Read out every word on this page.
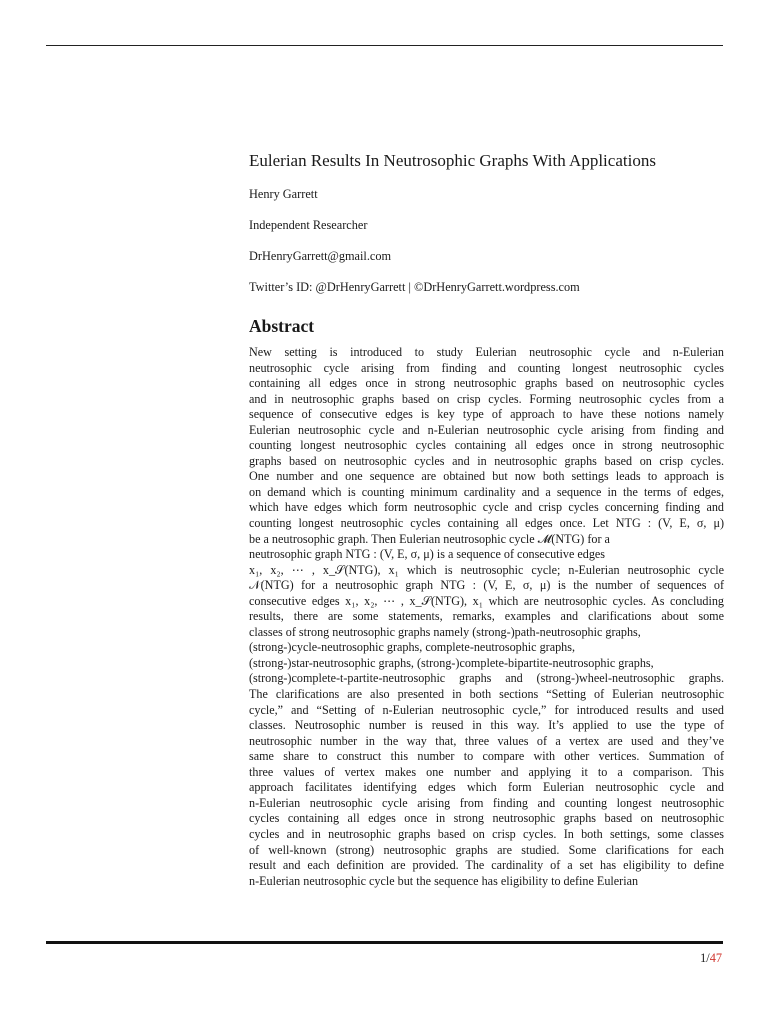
Eulerian Results In Neutrosophic Graphs With Applications
Henry Garrett
Independent Researcher
DrHenryGarrett@gmail.com
Twitter’s ID: @DrHenryGarrett | ©DrHenryGarrett.wordpress.com
Abstract
New setting is introduced to study Eulerian neutrosophic cycle and n-Eulerian
neutrosophic cycle arising from finding and counting longest neutrosophic cycles
containing all edges once in strong neutrosophic graphs based on neutrosophic cycles
and in neutrosophic graphs based on crisp cycles. Forming neutrosophic cycles from a
sequence of consecutive edges is key type of approach to have these notions namely
Eulerian neutrosophic cycle and n-Eulerian neutrosophic cycle arising from finding and
counting longest neutrosophic cycles containing all edges once in strong neutrosophic
graphs based on neutrosophic cycles and in neutrosophic graphs based on crisp cycles.
One number and one sequence are obtained but now both settings leads to approach is
on demand which is counting minimum cardinality and a sequence in the terms of edges,
which have edges which form neutrosophic cycle and crisp cycles concerning finding and
counting longest neutrosophic cycles containing all edges once. Let NTG : (V, E, σ, μ)
be a neutrosophic graph. Then Eulerian neutrosophic cycle 𝓜(NTG) for a
neutrosophic graph NTG : (V, E, σ, μ) is a sequence of consecutive edges
x₁, x₂, ⋯ , x_𝒮(NTG), x₁ which is neutrosophic cycle; n-Eulerian neutrosophic cycle
𝒩(NTG) for a neutrosophic graph NTG : (V, E, σ, μ) is the number of sequences of
consecutive edges x₁, x₂, ⋯ , x_𝒮(NTG), x₁ which are neutrosophic cycles. As concluding
results, there are some statements, remarks, examples and clarifications about some
classes of strong neutrosophic graphs namely (strong-)path-neutrosophic graphs,
(strong-)cycle-neutrosophic graphs, complete-neutrosophic graphs,
(strong-)star-neutrosophic graphs, (strong-)complete-bipartite-neutrosophic graphs,
(strong-)complete-t-partite-neutrosophic graphs and (strong-)wheel-neutrosophic graphs.
The clarifications are also presented in both sections “Setting of Eulerian neutrosophic
cycle,” and “Setting of n-Eulerian neutrosophic cycle,” for introduced results and used
classes. Neutrosophic number is reused in this way. It’s applied to use the type of
neutrosophic number in the way that, three values of a vertex are used and they’ve
same share to construct this number to compare with other vertices. Summation of
three values of vertex makes one number and applying it to a comparison. This
approach facilitates identifying edges which form Eulerian neutrosophic cycle and
n-Eulerian neutrosophic cycle arising from finding and counting longest neutrosophic
cycles containing all edges once in strong neutrosophic graphs based on neutrosophic
cycles and in neutrosophic graphs based on crisp cycles. In both settings, some classes
of well-known (strong) neutrosophic graphs are studied. Some clarifications for each
result and each definition are provided. The cardinality of a set has eligibility to define
n-Eulerian neutrosophic cycle but the sequence has eligibility to define Eulerian
1/47
